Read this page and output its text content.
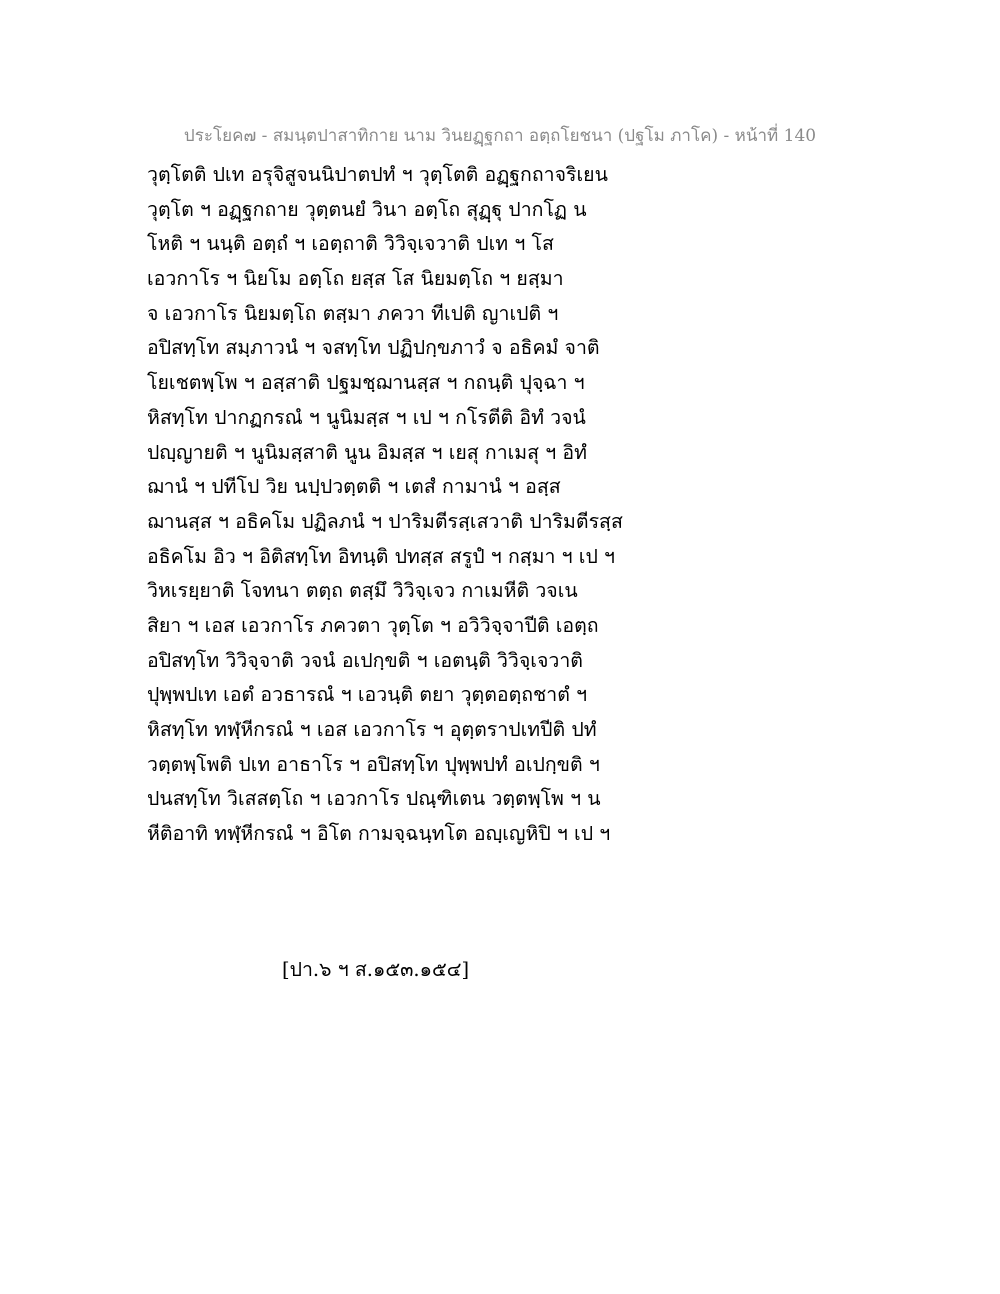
ประโยค๗ - สมนฺตปาสาทิกาย นาม วินยฏฺฐกถา อตฺถโยชนา (ปฐโม ภาโค) - หน้าที่ 140
วุตฺโตติ ปเท อรุจิสูจนนิปาตปทํ ฯ วุตฺโตติ อฏฺฐกถาจริเยน
วุตฺโต ฯ อฏฺฐกถาย วุตฺตนยํ วินา อตฺโถ สุฏฺฐุ ปากโฏ น
โหติ ฯ นนฺติ อตฺถํ ฯ เอตฺถาติ วิวิจฺเจวาติ ปเท ฯ โส
เอวกาโร ฯ นิยโม อตฺโถ ยสฺส โส นิยมตฺโถ ฯ ยสฺมา
จ เอวกาโร นิยมตฺโถ ตสฺมา ภควา ทีเปติ ญาเปติ ฯ
อปิสทฺโท สมฺภาวนํ ฯ จสทฺโท ปฏิปกฺขภาวํ จ อธิคมํ จาติ
โยเชตพฺโพ ฯ อสฺสาติ ปฐมชฺฌานสฺส ฯ กถนฺติ ปุจฺฉา ฯ
หิสทฺโท ปากฏกรณํ ฯ นูนิมสฺส ฯ เป ฯ กโรตีติ อิทํ วจนํ
ปญฺญายติ ฯ นูนิมสฺสาติ นูน อิมสฺส ฯ เยสุ กาเมสุ ฯ อิทํ
ฌานํ ฯ ปทีโป วิย นปฺปวตฺตติ ฯ เตสํ กามานํ ฯ อสฺส
ฌานสฺส ฯ อธิคโม ปฏิลภนํ ฯ ปาริมตีรสฺเสวาติ ปาริมตีรสฺส
อธิคโม อิว ฯ อิติสทฺโท อิทนฺติ ปทสฺส สรูปํ ฯ กสฺมา ฯ เป ฯ
วิหเรยฺยาติ โจทนา ตตฺถ ตสฺมึ วิวิจฺเจว กาเมหีติ วจเน
สิยา ฯ เอส เอวกาโร ภควตา วุตฺโต ฯ อวิวิจฺจาปีติ เอตฺถ
อปิสทฺโท วิวิจฺจาติ วจนํ อเปกฺขติ ฯ เอตนฺติ วิวิจฺเจวาติ
ปุพฺพปเท เอตํ อวธารณํ ฯ เอวนฺติ ตยา วุตฺตอตฺถชาตํ ฯ
หิสทฺโท ทฬฺหีกรณํ ฯ เอส เอวกาโร ฯ อุตฺตราปเทปีติ ปทํ
วตฺตพฺโพติ ปเท อาธาโร ฯ อปิสทฺโท ปุพฺพปทํ อเปกฺขติ ฯ
ปนสทฺโท วิเสสตฺโถ ฯ เอวกาโร ปณฺฑิเตน วตฺตพฺโพ ฯ น
หีติอาทิ ทฬฺหีกรณํ ฯ อิโต กามจฺฉนฺทโต อญฺเญหิปิ ฯ เป ฯ
[ปา.๖ ฯ ส.๑๕๓.๑๕๔]
